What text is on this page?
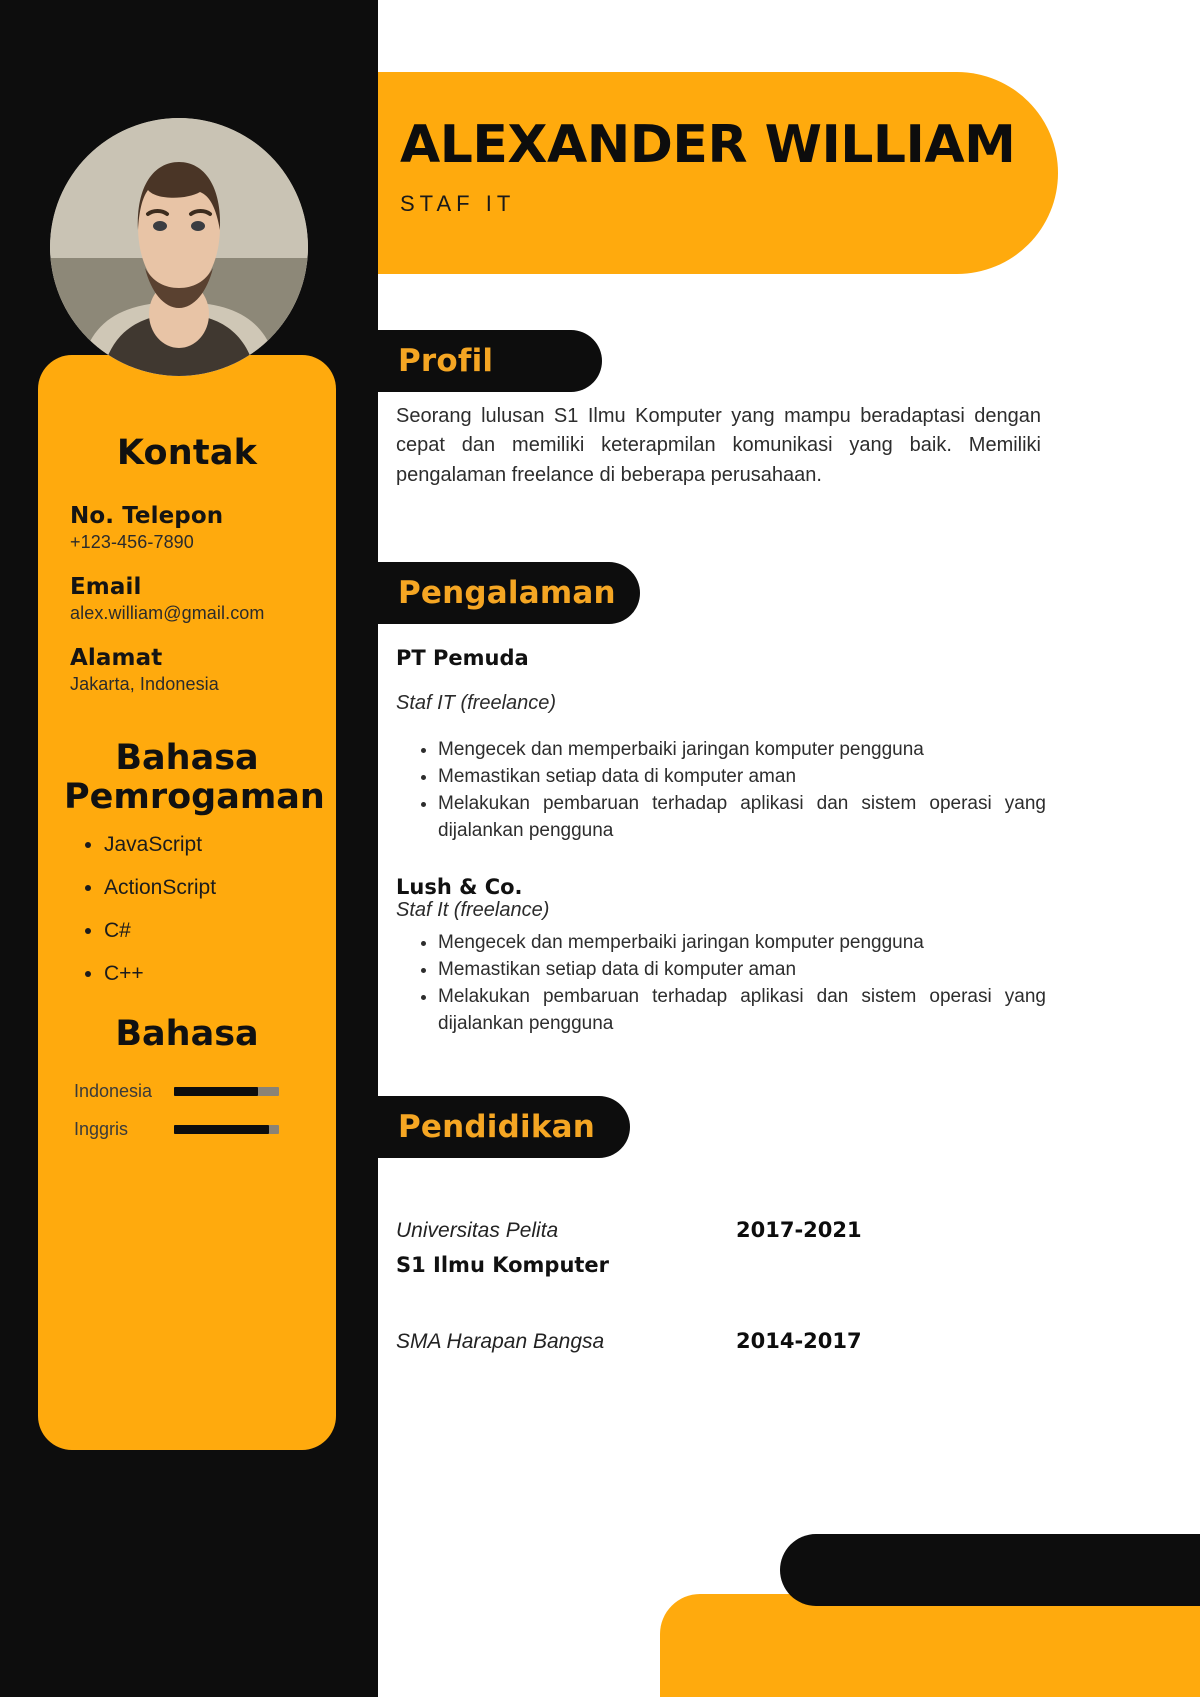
Kontak
No. Telepon
+123-456-7890
Email
alex.william@gmail.com
Alamat
Jakarta, Indonesia
Bahasa
Pemrogaman
• JavaScript
• ActionScript
• C#
• C++
Bahasa
Indonesia
Inggris
ALEXANDER WILLIAM
STAF IT
Profil

Seorang lulusan S1 Ilmu Komputer yang mampu beradaptasi dengan cepat dan memiliki keterapmilan komunikasi yang baik. Memiliki pengalaman freelance di beberapa perusahaan.

Pengalaman
PT Pemuda
Staf IT (freelance)
• Mengecek dan memperbaiki jaringan komputer pengguna
• Memastikan setiap data di komputer aman
• Melakukan pembaruan terhadap aplikasi dan sistem operasi yang dijalankan pengguna
Lush & Co.
Staf It (freelance)
• Mengecek dan memperbaiki jaringan komputer pengguna
• Memastikan setiap data di komputer aman
• Melakukan pembaruan terhadap aplikasi dan sistem operasi yang dijalankan pengguna
Pendidikan
Universitas Pelita	2017-2021
S1 Ilmu Komputer
SMA Harapan Bangsa	2014-2017
